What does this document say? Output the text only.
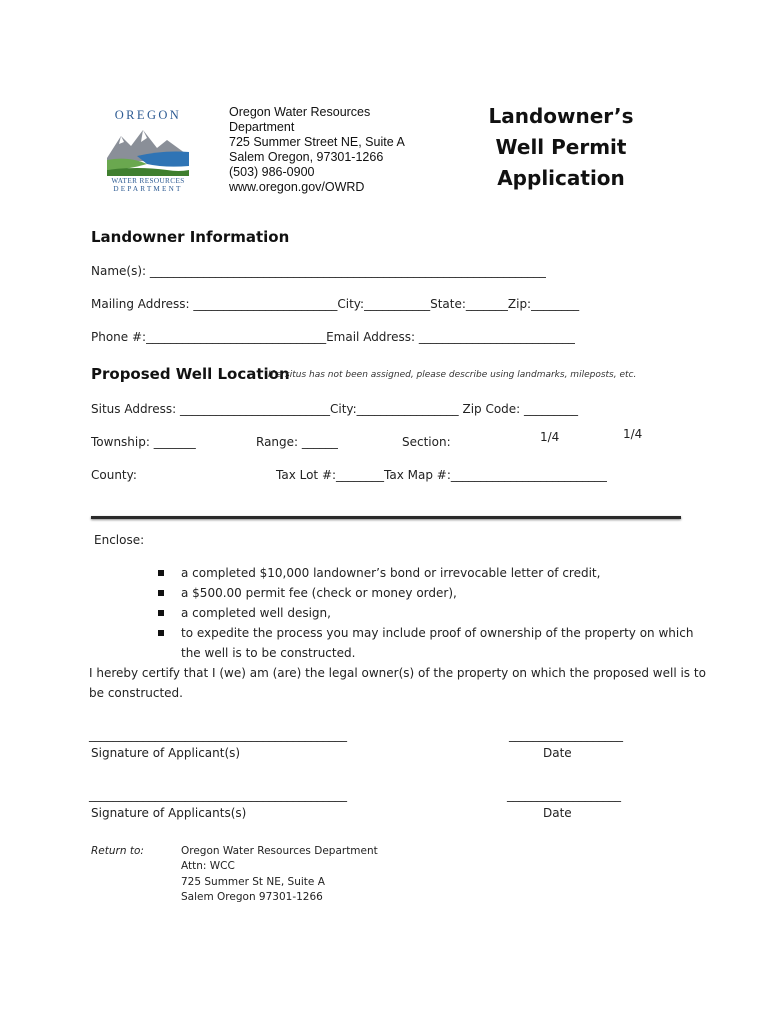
OREGON
WATER RESOURCES
DEPARTMENT
Oregon Water Resources
Department
725 Summer Street NE, Suite A
Salem Oregon, 97301-1266
(503) 986-0900
www.oregon.gov/OWRD
Landowner’s
Well Permit
Application
Landowner Information
Name(s): __________________________________________________________________
Mailing Address: ________________________City:___________State:_______Zip:________
Phone #:______________________________Email Address: __________________________
Proposed Well Location
If a situs has not been assigned, please describe using landmarks, mileposts, etc.
Situs Address: _________________________City:_________________ Zip Code: _________
Township: _______	Range: ______	Section:	1/4	1/4
County:	Tax Lot #:________Tax Map #:__________________________
Enclose:
a completed $10,000 landowner’s bond or irrevocable letter of credit,
a $500.00 permit fee (check or money order),
a completed well design,
to expedite the process you may include proof of ownership of the property on which
the well is to be constructed.
I hereby certify that I (we) am (are) the legal owner(s) of the property on which the proposed well is to
be constructed.
___________________________________________
Signature of Applicant(s)
___________________
Date
___________________________________________
Signature of Applicants(s)
___________________
Date
Return to:	Oregon Water Resources Department
Attn: WCC
725 Summer St NE, Suite A
Salem Oregon 97301-1266
